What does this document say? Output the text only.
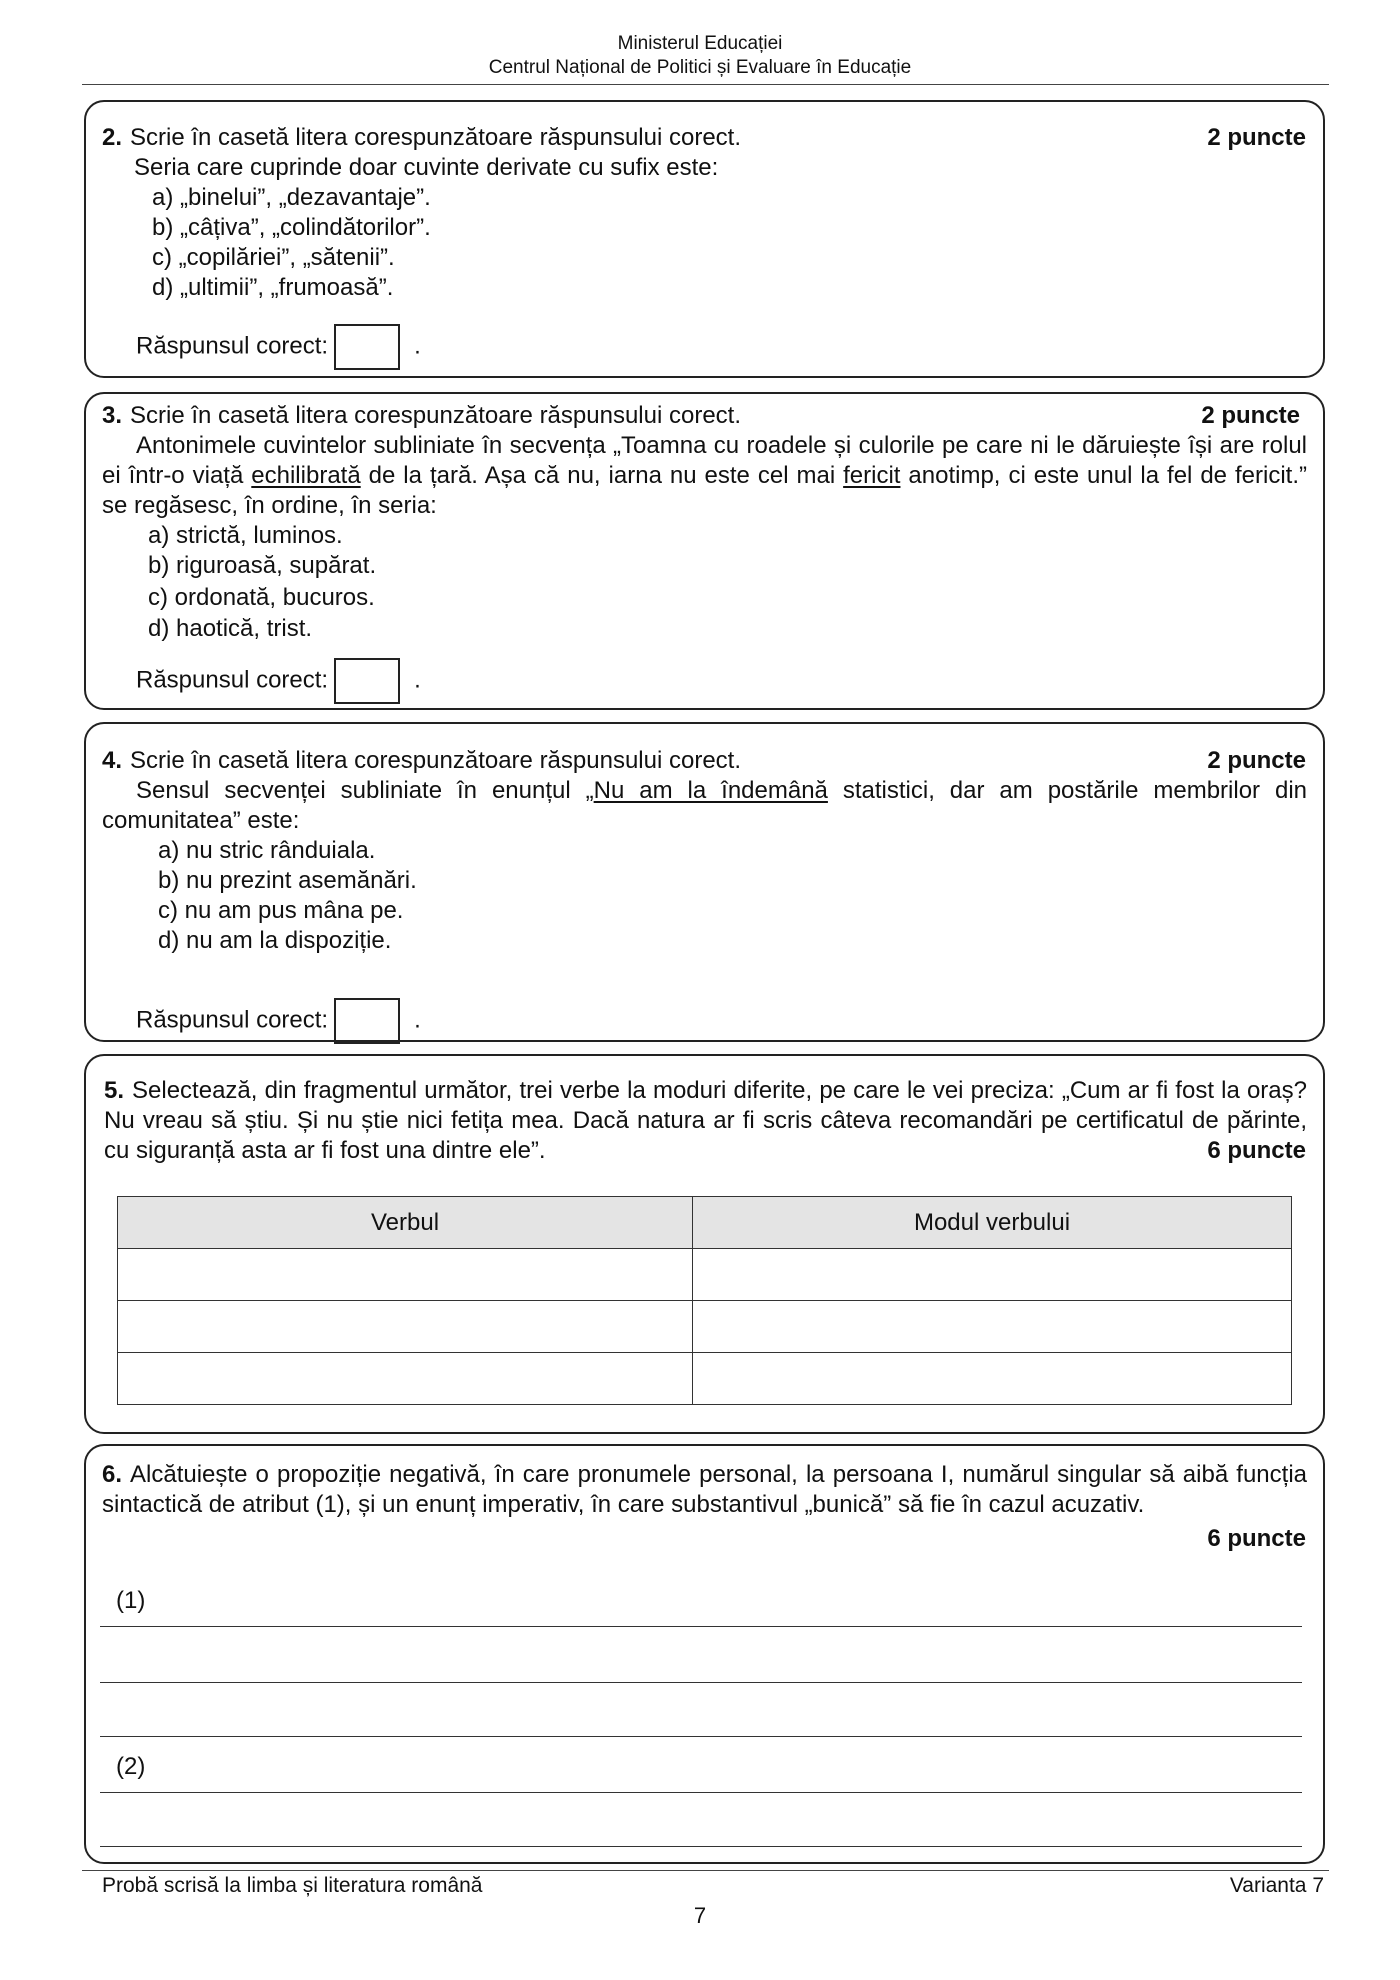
Ministerul Educației
Centrul Național de Politici și Evaluare în Educație
2. Scrie în casetă litera corespunzătoare răspunsului corect.	2 puncte
Seria care cuprinde doar cuvinte derivate cu sufix este:
a) „binelui”, „dezavantaje”.
b) „câțiva”, „colindătorilor”.
c) „copilăriei”, „sătenii”.
d) „ultimii”, „frumoasă”.
Răspunsul corect:	.
3. Scrie în casetă litera corespunzătoare răspunsului corect.	2 puncte
Antonimele cuvintelor subliniate în secvența „Toamna cu roadele și culorile pe care ni le dăruiește își are rolul ei într-o viață echilibrată de la țară. Așa că nu, iarna nu este cel mai fericit anotimp, ci este unul la fel de fericit.” se regăsesc, în ordine, în seria:
a) strictă, luminos.
b) riguroasă, supărat.
c) ordonată, bucuros.
d) haotică, trist.
Răspunsul corect:	.
4. Scrie în casetă litera corespunzătoare răspunsului corect.	2 puncte
Sensul secvenței subliniate în enunțul „Nu am la îndemână statistici, dar am postările membrilor din comunitatea” este:
a) nu stric rânduiala.
b) nu prezint asemănări.
c) nu am pus mâna pe.
d) nu am la dispoziție.
Răspunsul corect:	.
5. Selectează, din fragmentul următor, trei verbe la moduri diferite, pe care le vei preciza: „Cum ar fi fost la oraș? Nu vreau să știu. Și nu știe nici fetița mea. Dacă natura ar fi scris câteva recomandări pe certificatul de părinte, cu siguranță asta ar fi fost una dintre ele”.	6 puncte
Verbul	Modul verbului

6. Alcătuiește o propoziție negativă, în care pronumele personal, la persoana I, numărul singular să aibă funcția sintactică de atribut (1), și un enunț imperativ, în care substantivul „bunică” să fie în cazul acuzativ.
6 puncte
(1)
(2)
Probă scrisă la limba și literatura română	Varianta 7
7
